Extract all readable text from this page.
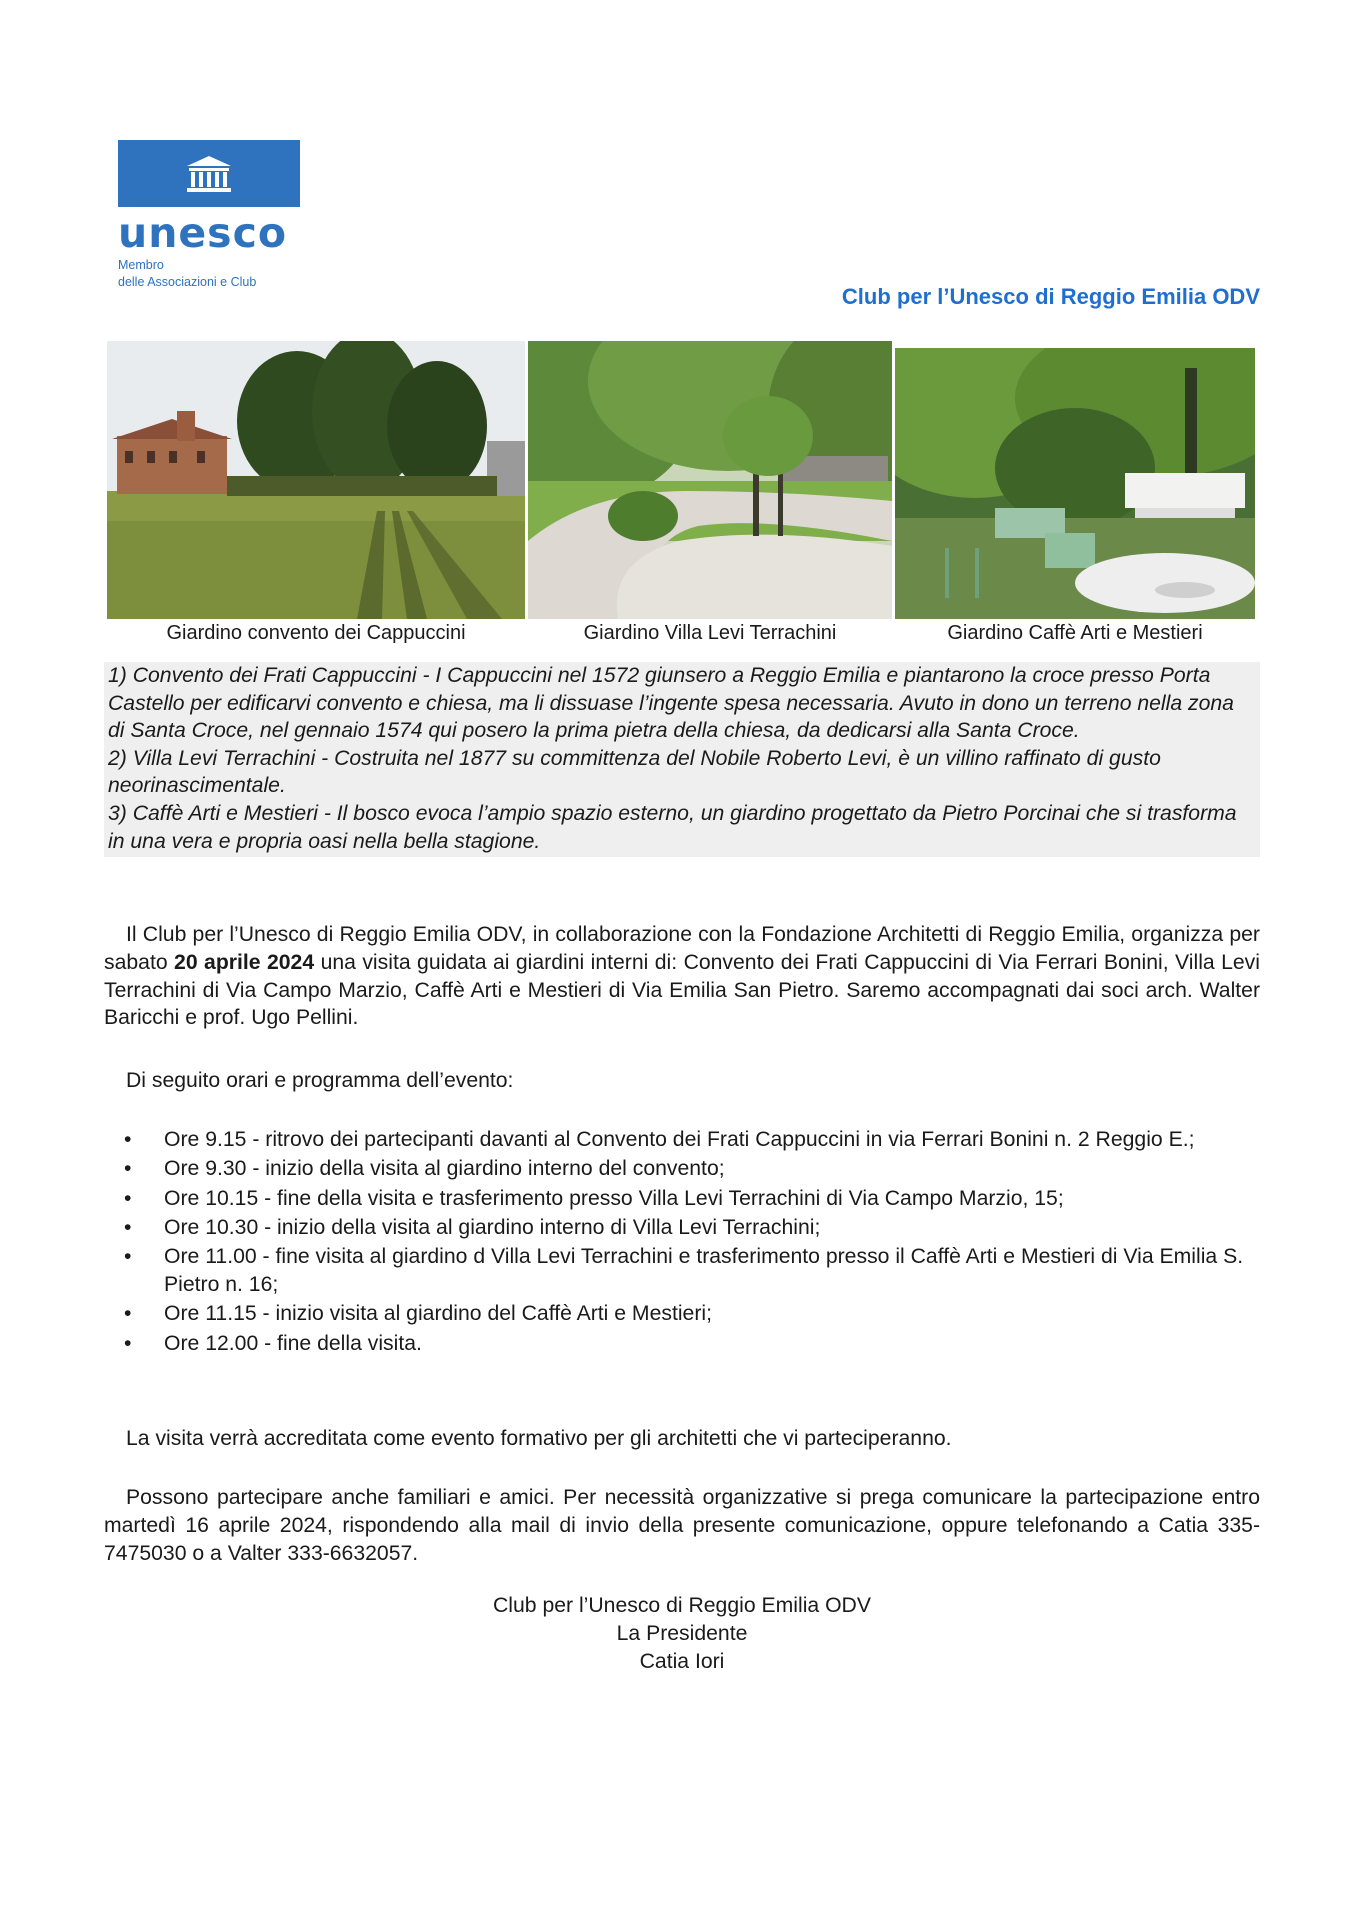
unesco
Membro
delle Associazioni e Club
Club per l’Unesco di Reggio Emilia ODV
Giardino convento dei Cappuccini	Giardino Villa Levi Terrachini	Giardino Caffè Arti e Mestieri

1) Convento dei Frati Cappuccini - I Cappuccini nel 1572 giunsero a Reggio Emilia e piantarono la croce presso Porta Castello per edificarvi convento e chiesa, ma li dissuase l’ingente spesa necessaria. Avuto in dono un terreno nella zona di Santa Croce, nel gennaio 1574 qui posero la prima pietra della chiesa, da dedicarsi alla Santa Croce.

2) Villa Levi Terrachini - Costruita nel 1877 su committenza del Nobile Roberto Levi, è un villino raffinato di gusto neorinascimentale.

3) Caffè Arti e Mestieri - Il bosco evoca l’ampio spazio esterno, un giardino progettato da Pietro Porcinai che si trasforma in una vera e propria oasi nella bella stagione.

Il Club per l’Unesco di Reggio Emilia ODV, in collaborazione con la Fondazione Architetti di Reggio Emilia, organizza per sabato 20 aprile 2024 una visita guidata ai giardini interni di: Convento dei Frati Cappuccini di Via Ferrari Bonini, Villa Levi Terrachini di Via Campo Marzio, Caffè Arti e Mestieri di Via Emilia San Pietro. Saremo accompagnati dai soci arch. Walter Baricchi e prof. Ugo Pellini.

Di seguito orari e programma dell’evento:

• Ore 9.15 - ritrovo dei partecipanti davanti al Convento dei Frati Cappuccini in via Ferrari Bonini n. 2 Reggio E.;
• Ore 9.30 - inizio della visita al giardino interno del convento;
• Ore 10.15 - fine della visita e trasferimento presso Villa Levi Terrachini di Via Campo Marzio, 15;
• Ore 10.30 - inizio della visita al giardino interno di Villa Levi Terrachini;
• Ore 11.00 - fine visita al giardino d Villa Levi Terrachini e trasferimento presso il Caffè Arti e Mestieri di Via Emilia S. Pietro n. 16;
• Ore 11.15 - inizio visita al giardino del Caffè Arti e Mestieri;
• Ore 12.00 - fine della visita.

La visita verrà accreditata come evento formativo per gli architetti che vi parteciperanno.

Possono partecipare anche familiari e amici. Per necessità organizzative si prega comunicare la partecipazione entro martedì 16 aprile 2024, rispondendo alla mail di invio della presente comunicazione, oppure telefonando a Catia 335-7475030 o a Valter 333-6632057.

Club per l’Unesco di Reggio Emilia ODV
La Presidente
Catia Iori
